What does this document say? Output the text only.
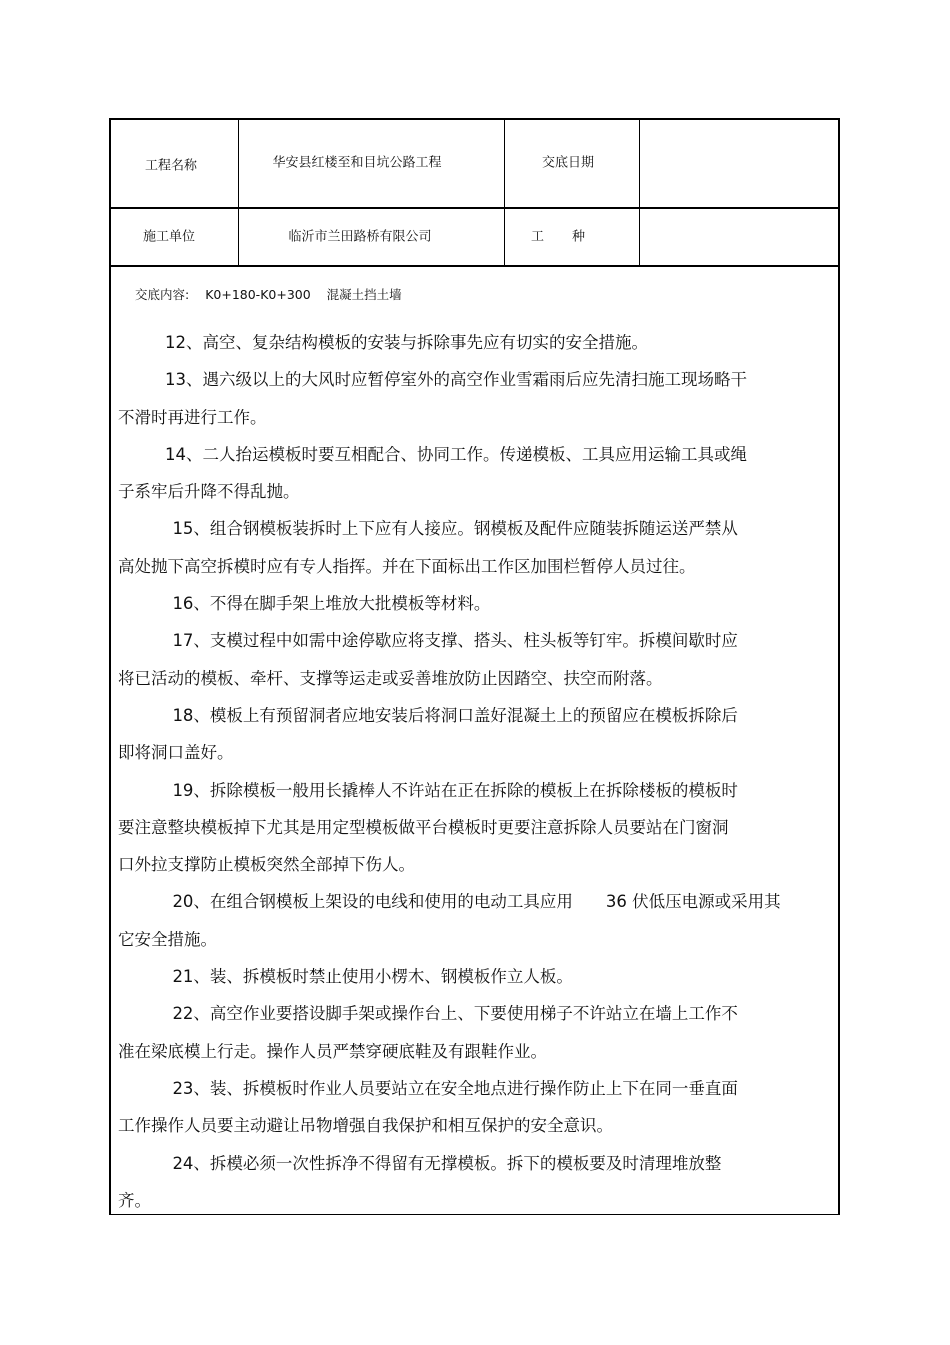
工程名称	华安县红楼至和目坑公路工程	交底日期
施工单位	临沂市兰田路桥有限公司	工种
交底内容: K0+180-K0+300 混凝土挡土墙

12、高空、复杂结构模板的安装与拆除事先应有切实的安全措施。

13、遇六级以上的大风时应暂停室外的高空作业雪霜雨后应先清扫施工现场略干
不滑时再进行工作。

14、二人抬运模板时要互相配合、协同工作。传递模板、工具应用运输工具或绳
子系牢后升降不得乱抛。

15、组合钢模板装拆时上下应有人接应。钢模板及配件应随装拆随运送严禁从
高处抛下高空拆模时应有专人指挥。并在下面标出工作区加围栏暂停人员过往。

16、不得在脚手架上堆放大批模板等材料。

17、支模过程中如需中途停歇应将支撑、搭头、柱头板等钉牢。拆模间歇时应
将已活动的模板、牵杆、支撑等运走或妥善堆放防止因踏空、扶空而附落。

18、模板上有预留洞者应地安装后将洞口盖好混凝土上的预留应在模板拆除后
即将洞口盖好。

19、拆除模板一般用长撬棒人不许站在正在拆除的模板上在拆除楼板的模板时
要注意整块模板掉下尤其是用定型模板做平台模板时更要注意拆除人员要站在门窗洞
口外拉支撑防止模板突然全部掉下伤人。

20、在组合钢模板上架设的电线和使用的电动工具应用　　36 伏低压电源或采用其
它安全措施。

21、装、拆模板时禁止使用小楞木、钢模板作立人板。

22、高空作业要搭设脚手架或操作台上、下要使用梯子不许站立在墙上工作不
准在梁底模上行走。操作人员严禁穿硬底鞋及有跟鞋作业。

23、装、拆模板时作业人员要站立在安全地点进行操作防止上下在同一垂直面
工作操作人员要主动避让吊物增强自我保护和相互保护的安全意识。

24、拆模必须一次性拆净不得留有无撑模板。拆下的模板要及时清理堆放整
齐。
